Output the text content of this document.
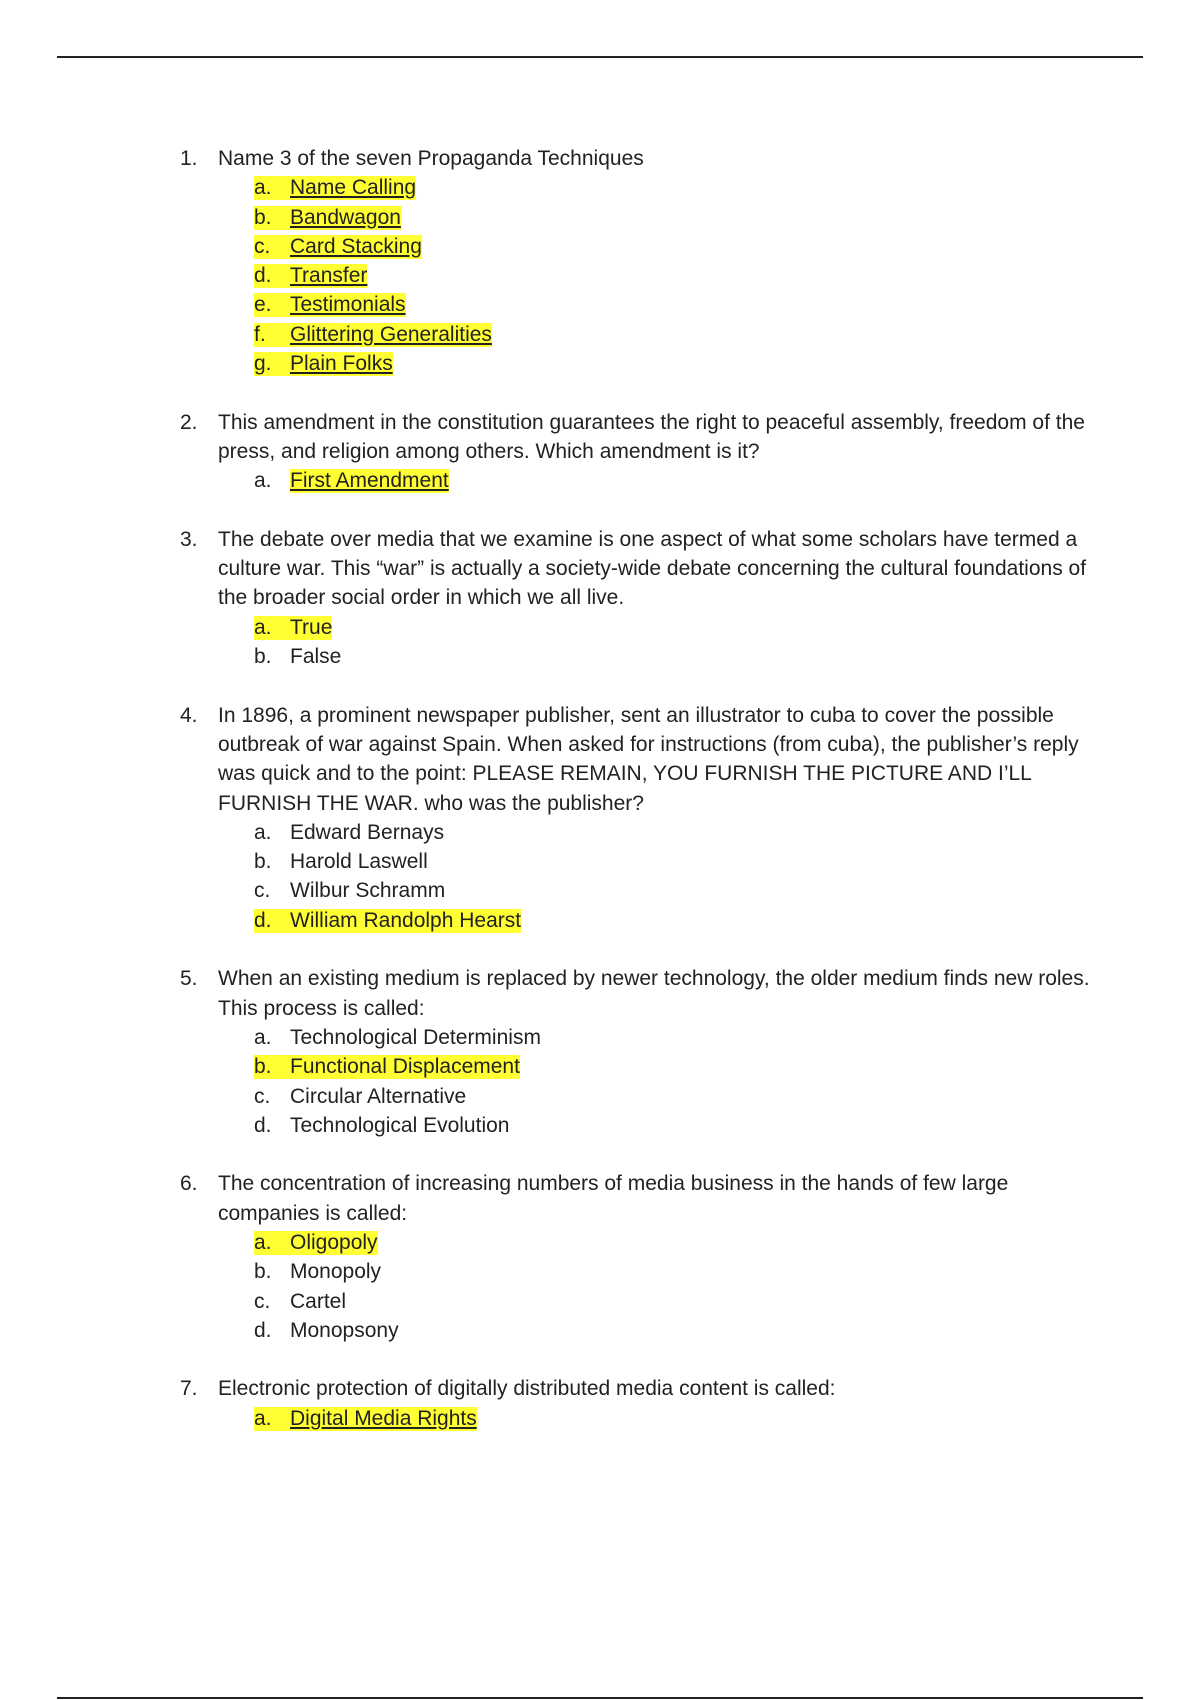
1. Name 3 of the seven Propaganda Techniques
a. Name Calling
b. Bandwagon
c. Card Stacking
d. Transfer
e. Testimonials
f. Glittering Generalities
g. Plain Folks
2. This amendment in the constitution guarantees the right to peaceful assembly, freedom of the press, and religion among others. Which amendment is it?
a. First Amendment
3. The debate over media that we examine is one aspect of what some scholars have termed a culture war. This “war” is actually a society-wide debate concerning the cultural foundations of the broader social order in which we all live.
a. True
b. False
4. In 1896, a prominent newspaper publisher, sent an illustrator to cuba to cover the possible outbreak of war against Spain. When asked for instructions (from cuba), the publisher’s reply was quick and to the point: PLEASE REMAIN, YOU FURNISH THE PICTURE AND I’LL FURNISH THE WAR. who was the publisher?
a. Edward Bernays
b. Harold Laswell
c. Wilbur Schramm
d. William Randolph Hearst
5. When an existing medium is replaced by newer technology, the older medium finds new roles. This process is called:
a. Technological Determinism
b. Functional Displacement
c. Circular Alternative
d. Technological Evolution
6. The concentration of increasing numbers of media business in the hands of few large companies is called:
a. Oligopoly
b. Monopoly
c. Cartel
d. Monopsony
7. Electronic protection of digitally distributed media content is called:
a. Digital Media Rights
